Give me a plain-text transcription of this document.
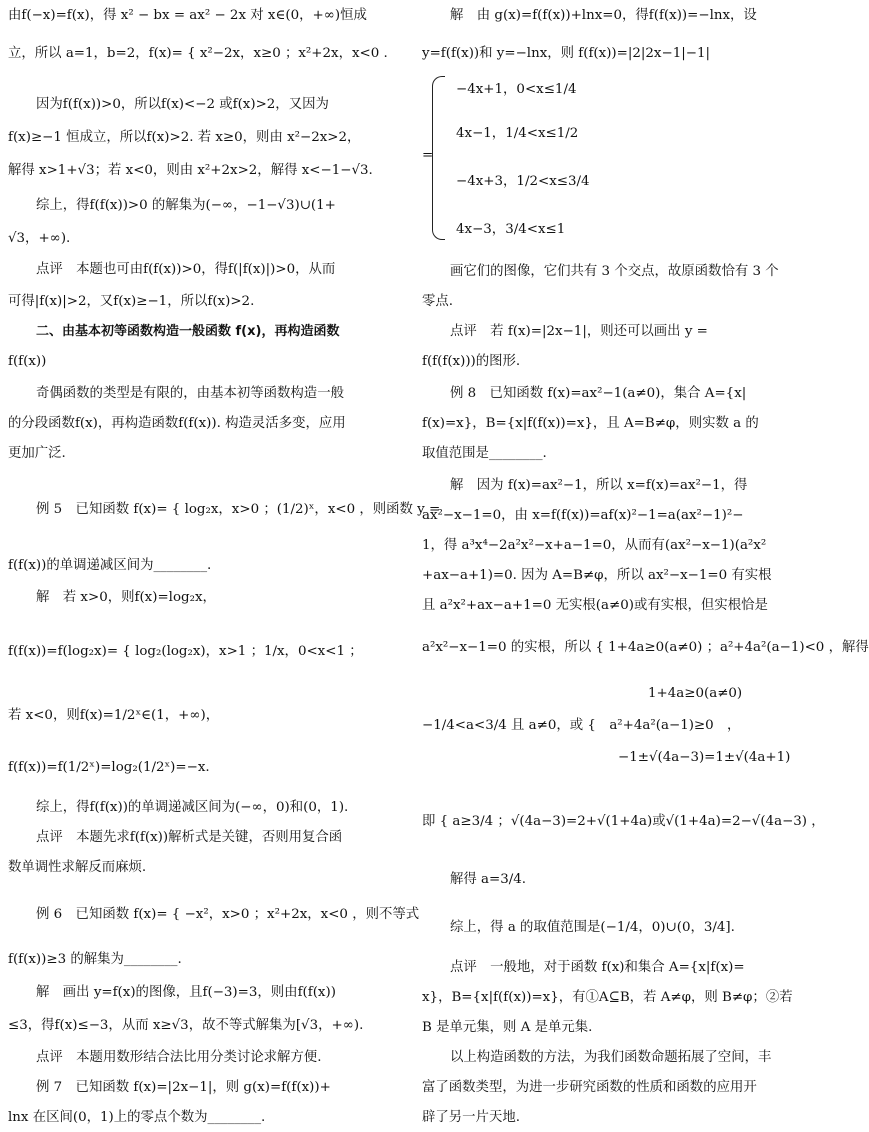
由f(−x)=f(x)，得 x² − bx = ax² − 2x 对 x∈(0，+∞)恒成
立，所以 a=1，b=2，f(x)= { x²−2x，x≥0 ；x²+2x，x<0 .
因为f(f(x))>0，所以f(x)<−2 或f(x)>2，又因为
f(x)≥−1 恒成立，所以f(x)>2. 若 x≥0，则由 x²−2x>2，
解得 x>1+√3；若 x<0，则由 x²+2x>2，解得 x<−1−√3.
综上，得f(f(x))>0 的解集为(−∞，−1−√3)∪(1+
√3，+∞).
点评　本题也可由f(f(x))>0，得f(|f(x)|)>0，从而
可得|f(x)|>2，又f(x)≥−1，所以f(x)>2.
二、由基本初等函数构造一般函数 f(x)，再构造函数
f(f(x))
奇偶函数的类型是有限的，由基本初等函数构造一般
的分段函数f(x)，再构造函数f(f(x)). 构造灵活多变，应用
更加广泛.
例 5　已知函数 f(x)= { log₂x，x>0 ；(1/2)ˣ，x<0 ，则函数 y =
f(f(x))的单调递减区间为________.
解　若 x>0，则f(x)=log₂x，
f(f(x))=f(log₂x)= { log₂(log₂x)，x>1 ；1/x，0<x<1 ；
若 x<0，则f(x)=1/2ˣ∈(1，+∞)，
f(f(x))=f(1/2ˣ)=log₂(1/2ˣ)=−x.
综上，得f(f(x))的单调递减区间为(−∞，0)和(0，1).
点评　本题先求f(f(x))解析式是关键，否则用复合函
数单调性求解反而麻烦.
例 6　已知函数 f(x)= { −x²，x>0 ；x²+2x，x<0 ，则不等式
f(f(x))≥3 的解集为________.
解　画出 y=f(x)的图像，且f(−3)=3，则由f(f(x))
≤3，得f(x)≤−3，从而 x≥√3，故不等式解集为[√3，+∞).
点评　本题用数形结合法比用分类讨论求解方便.
例 7　已知函数 f(x)=|2x−1|，则 g(x)=f(f(x))+
lnx 在区间(0，1)上的零点个数为________.
解　由 g(x)=f(f(x))+lnx=0，得f(f(x))=−lnx，设
y=f(f(x))和 y=−lnx，则 f(f(x))=|2|2x−1|−1|
=
−4x+1，0<x≤1/4
4x−1，1/4<x≤1/2
−4x+3，1/2<x≤3/4
4x−3，3/4<x≤1
画它们的图像，它们共有 3 个交点，故原函数恰有 3 个
零点.
点评　若 f(x)=|2x−1|，则还可以画出 y =
f(f(f(x)))的图形.
例 8　已知函数 f(x)=ax²−1(a≠0)，集合 A={x|
f(x)=x}，B={x|f(f(x))=x}，且 A=B≠φ，则实数 a 的
取值范围是________.
解　因为 f(x)=ax²−1，所以 x=f(x)=ax²−1，得
ax²−x−1=0，由 x=f(f(x))=af(x)²−1=a(ax²−1)²−
1，得 a³x⁴−2a²x²−x+a−1=0，从而有(ax²−x−1)(a²x²
+ax−a+1)=0. 因为 A=B≠φ，所以 ax²−x−1=0 有实根
且 a²x²+ax−a+1=0 无实根(a≠0)或有实根，但实根恰是
a²x²−x−1=0 的实根，所以 { 1+4a≥0(a≠0) ；a²+4a²(a−1)<0 ，解得
1+4a≥0(a≠0)
−1/4<a<3/4 且 a≠0，或 {　a²+4a²(a−1)≥0　，
−1±√(4a−3)=1±√(4a+1)
即 { a≥3/4 ；√(4a−3)=2+√(1+4a)或√(1+4a)=2−√(4a−3) ，
解得 a=3/4.
综上，得 a 的取值范围是(−1/4，0)∪(0，3/4].
点评　一般地，对于函数 f(x)和集合 A={x|f(x)=
x}，B={x|f(f(x))=x}，有①A⊆B，若 A≠φ，则 B≠φ；②若
B 是单元集，则 A 是单元集.
以上构造函数的方法，为我们函数命题拓展了空间，丰
富了函数类型，为进一步研究函数的性质和函数的应用开
辟了另一片天地.
